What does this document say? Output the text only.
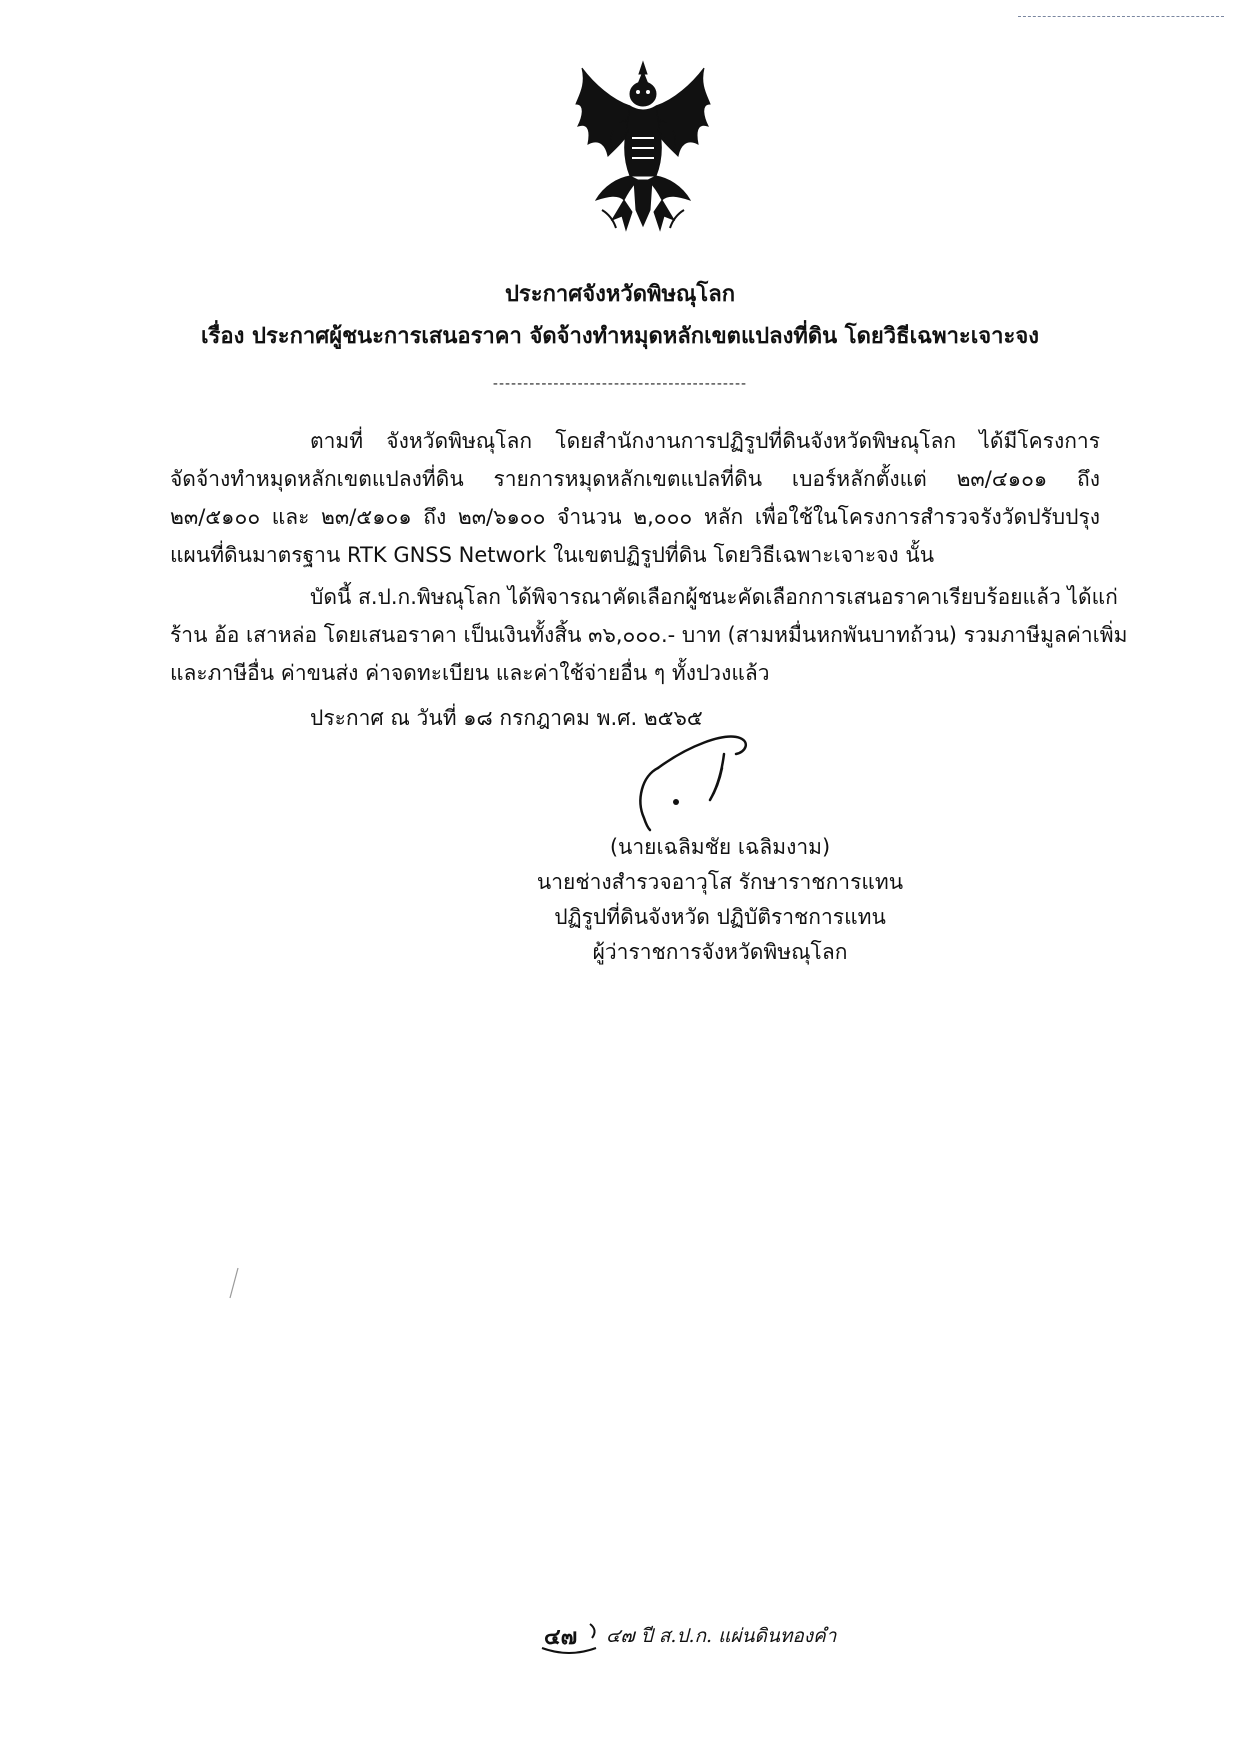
ประกาศจังหวัดพิษณุโลก
เรื่อง ประกาศผู้ชนะการเสนอราคา จัดจ้างทำหมุดหลักเขตแปลงที่ดิน โดยวิธีเฉพาะเจาะจง
------------------------------------------
ตามที่ จังหวัดพิษณุโลก โดยสำนักงานการปฏิรูปที่ดินจังหวัดพิษณุโลก ได้มีโครงการ
จัดจ้างทำหมุดหลักเขตแปลงที่ดิน รายการหมุดหลักเขตแปลที่ดิน เบอร์หลักตั้งแต่ ๒๓/๔๑๐๑ ถึง
๒๓/๕๑๐๐ และ ๒๓/๕๑๐๑ ถึง ๒๓/๖๑๐๐ จำนวน ๒,๐๐๐ หลัก เพื่อใช้ในโครงการสำรวจรังวัดปรับปรุง
แผนที่ดินมาตรฐาน RTK GNSS Network ในเขตปฏิรูปที่ดิน โดยวิธีเฉพาะเจาะจง นั้น
บัดนี้ ส.ป.ก.พิษณุโลก ได้พิจารณาคัดเลือกผู้ชนะคัดเลือกการเสนอราคาเรียบร้อยแล้ว ได้แก่
ร้าน อ้อ เสาหล่อ โดยเสนอราคา เป็นเงินทั้งสิ้น ๓๖,๐๐๐.- บาท (สามหมื่นหกพันบาทถ้วน) รวมภาษีมูลค่าเพิ่ม
และภาษีอื่น ค่าขนส่ง ค่าจดทะเบียน และค่าใช้จ่ายอื่น ๆ ทั้งปวงแล้ว
ประกาศ ณ วันที่ ๑๘ กรกฎาคม พ.ศ. ๒๕๖๕
(นายเฉลิมชัย เฉลิมงาม)
นายช่างสำรวจอาวุโส รักษาราชการแทน
ปฏิรูปที่ดินจังหวัด ปฏิบัติราชการแทน
ผู้ว่าราชการจังหวัดพิษณุโลก
๔๗ ๔๗ ปี ส.ป.ก. แผ่นดินทองคำ
